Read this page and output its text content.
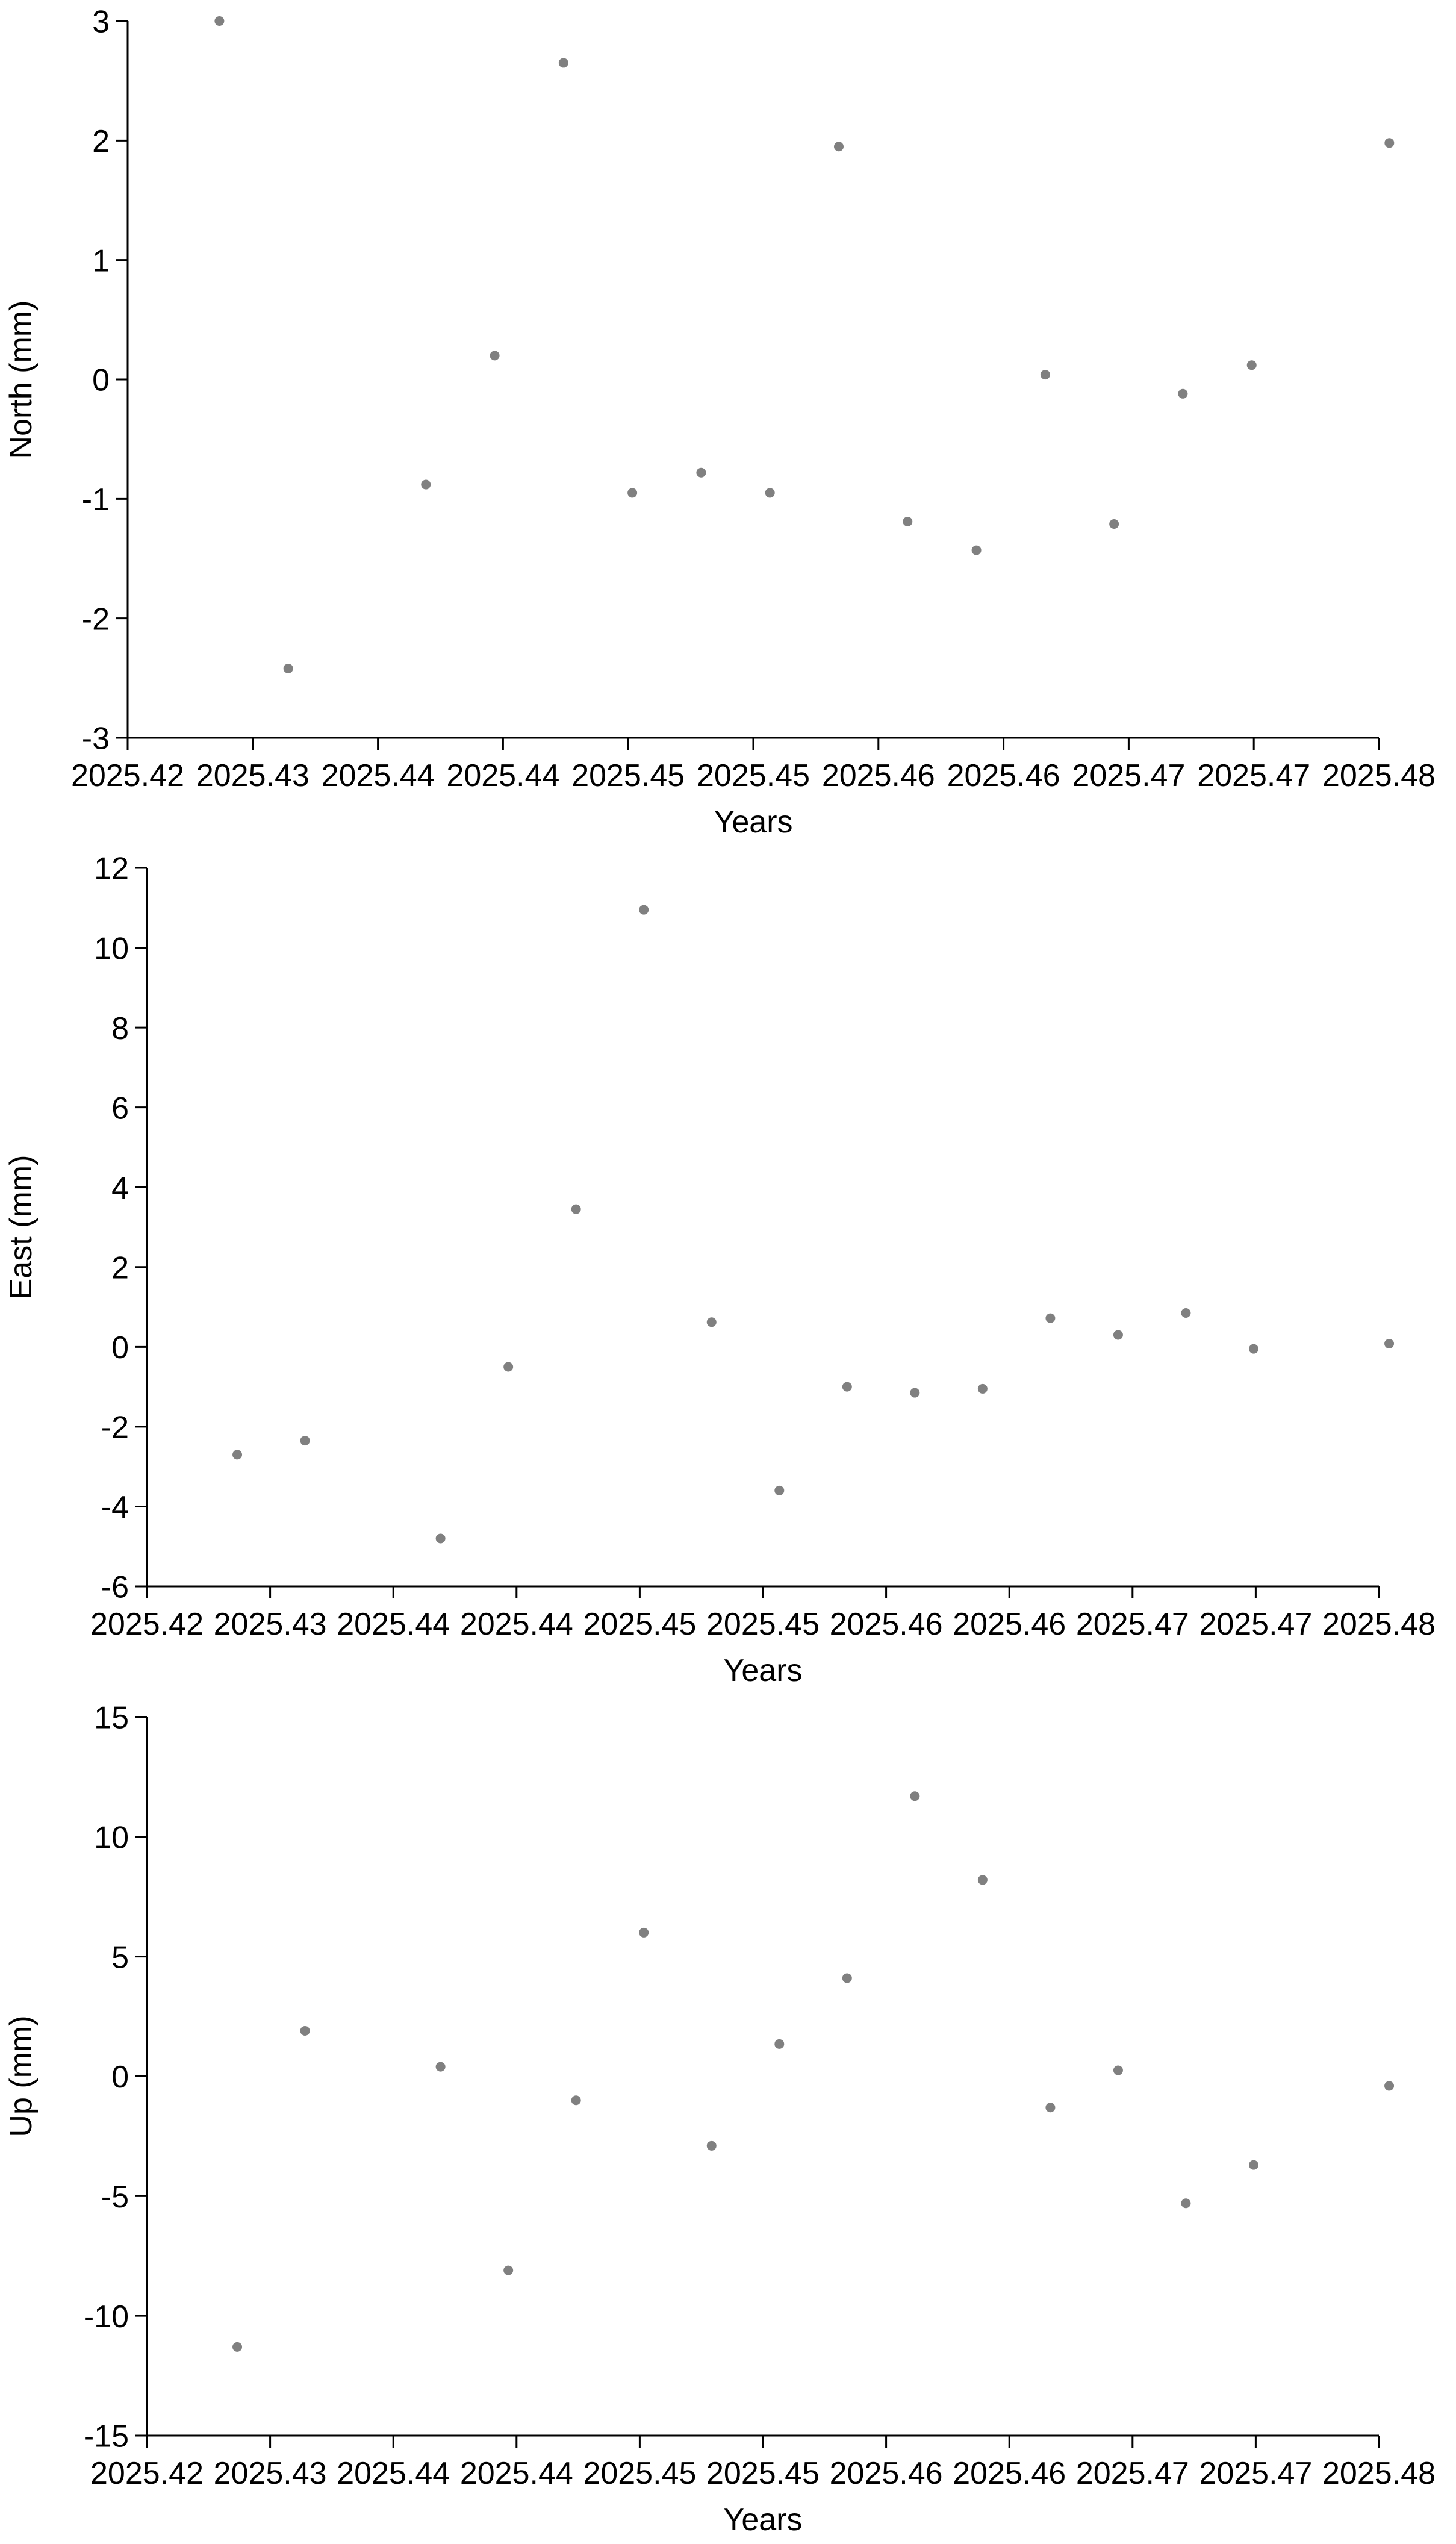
-3
-2
-1
0
1
2
3
2025.42 2025.43 2025.44 2025.44 2025.45 2025.45 2025.46 2025.46 2025.47 2025.47 2025.48
Years
North (mm)
-6
-4
-2
0
2
4
6
8
10
12
2025.42 2025.43 2025.44 2025.44 2025.45 2025.45 2025.46 2025.46 2025.47 2025.47 2025.48
Years
East (mm)
-15
-10
-5
0
5
10
15
2025.42 2025.43 2025.44 2025.44 2025.45 2025.45 2025.46 2025.46 2025.47 2025.47 2025.48
Years
Up (mm)
